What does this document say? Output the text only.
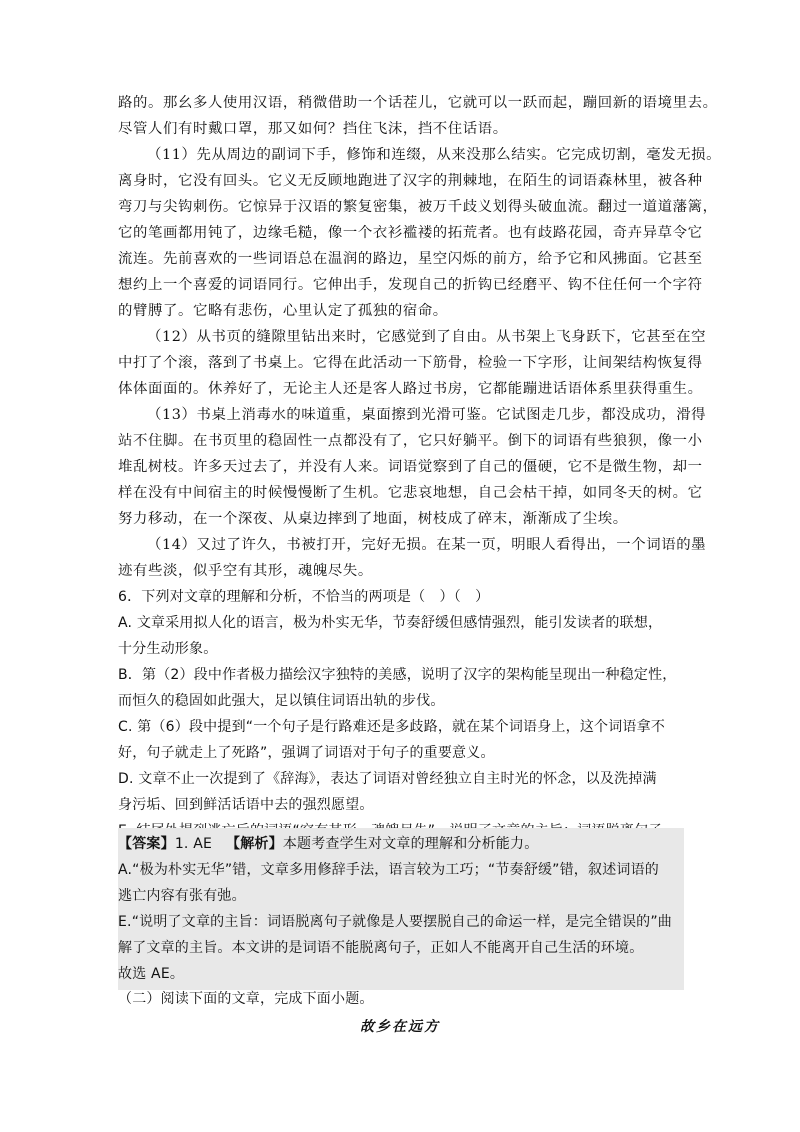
路的。那幺多人使用汉语，稍微借助一个话茬儿，它就可以一跃而起，蹦回新的语境里去。
尽管人们有时戴口罩，那又如何？挡住飞沫，挡不住话语。
（11）先从周边的副词下手，修饰和连缀，从来没那么结实。它完成切割，毫发无损。
离身时，它没有回头。它义无反顾地跑进了汉字的荆棘地，在陌生的词语森林里，被各种
弯刀与尖钩刺伤。它惊异于汉语的繁复密集，被万千歧义划得头破血流。翻过一道道藩篱，
它的笔画都用钝了，边缘毛糙，像一个衣衫褴褛的拓荒者。也有歧路花园，奇卉异草令它
流连。先前喜欢的一些词语总在温润的路边，星空闪烁的前方，给予它和风拂面。它甚至
想约上一个喜爱的词语同行。它伸出手，发现自己的折钩已经磨平、钩不住任何一个字符
的臂膊了。它略有悲伤，心里认定了孤独的宿命。
（12）从书页的缝隙里钻出来时，它感觉到了自由。从书架上飞身跃下，它甚至在空
中打了个滚，落到了书桌上。它得在此活动一下筋骨，检验一下字形，让间架结构恢复得
体体面面的。休养好了，无论主人还是客人路过书房，它都能蹦进话语体系里获得重生。
（13）书桌上消毒水的味道重，桌面擦到光滑可鉴。它试图走几步，都没成功，滑得
站不住脚。在书页里的稳固性一点都没有了，它只好躺平。倒下的词语有些狼狈，像一小
堆乱树枝。许多天过去了，并没有人来。词语觉察到了自己的僵硬，它不是微生物，却一
样在没有中间宿主的时候慢慢断了生机。它悲哀地想，自己会枯干掉，如同冬天的树。它
努力移动，在一个深夜、从桌边摔到了地面，树枝成了碎末，渐渐成了尘埃。
（14）又过了许久，书被打开，完好无损。在某一页，明眼人看得出，一个词语的墨
迹有些淡，似乎空有其形，魂魄尽失。
6．下列对文章的理解和分析，不恰当的两项是（　）（　）
A. 文章采用拟人化的语言，极为朴实无华，节奏舒缓但感情强烈，能引发读者的联想，
十分生动形象。
B．第（2）段中作者极力描绘汉字独特的美感，说明了汉字的架构能呈现出一种稳定性，
而恒久的稳固如此强大，足以镇住词语出轨的步伐。
C. 第（6）段中提到“一个句子是行路难还是多歧路，就在某个词语身上，这个词语拿不
好，句子就走上了死路”，强调了词语对于句子的重要意义。
D. 文章不止一次提到了《辞海》，表达了词语对曾经独立自主时光的怀念，以及洗掉满
身污垢、回到鲜活话语中去的强烈愿望。
【答案】1. AE 【解析】本题考查学生对文章的理解和分析能力。
A.“极为朴实无华”错，文章多用修辞手法，语言较为工巧；“节奏舒缓”错，叙述词语的
逃亡内容有张有弛。
E.“说明了文章的主旨：词语脱离句子就像是人要摆脱自己的命运一样，是完全错误的”曲
解了文章的主旨。本文讲的是词语不能脱离句子，正如人不能离开自己生活的环境。
故选 AE。
（二）阅读下面的文章，完成下面小题。
故乡在远方
